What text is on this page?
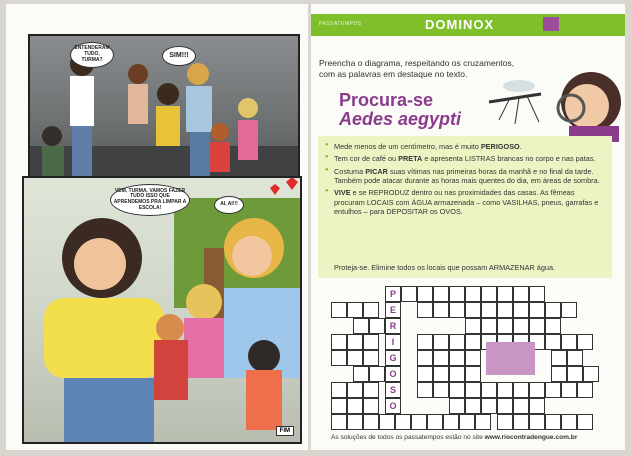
ENTENDERAM TUDO, TURMA?
SIM!!!
VEM, TURMA. VAMOS FAZER TUDO ISSO QUE APRENDEMOS PRA LIMPAR A ESCOLA!
AI, AI!!!
FIM
PASSATEMPOS	DOMINOX	13
Preencha o diagrama, respeitando os cruzamentos, com as palavras em destaque no texto.
Procura-se
Aedes aegypti
● Mede menos de um centímetro, mas é muito PERIGOSO.
● Tem cor de café ou PRETA e apresenta LISTRAS brancas no corpo e nas patas.
● Costuma PICAR suas vítimas nas primeiras horas da manhã e no final da tarde. Também pode atacar durante as horas mais quentes do dia, em áreas de sombra.
● VIVE e se REPRODUZ dentro ou nas proximidades das casas. As fêmeas procuram LOCAIS com ÁGUA armazenada – como VASILHAS, pneus, garrafas e entulhos – para DEPOSITAR os OVOS.
Proteja-se. Elimine todos os locais que possam ARMAZENAR água.
P
E
R
I
G
O
S
O
As soluções de todos os passatempos estão no site www.riocontradengue.com.br
